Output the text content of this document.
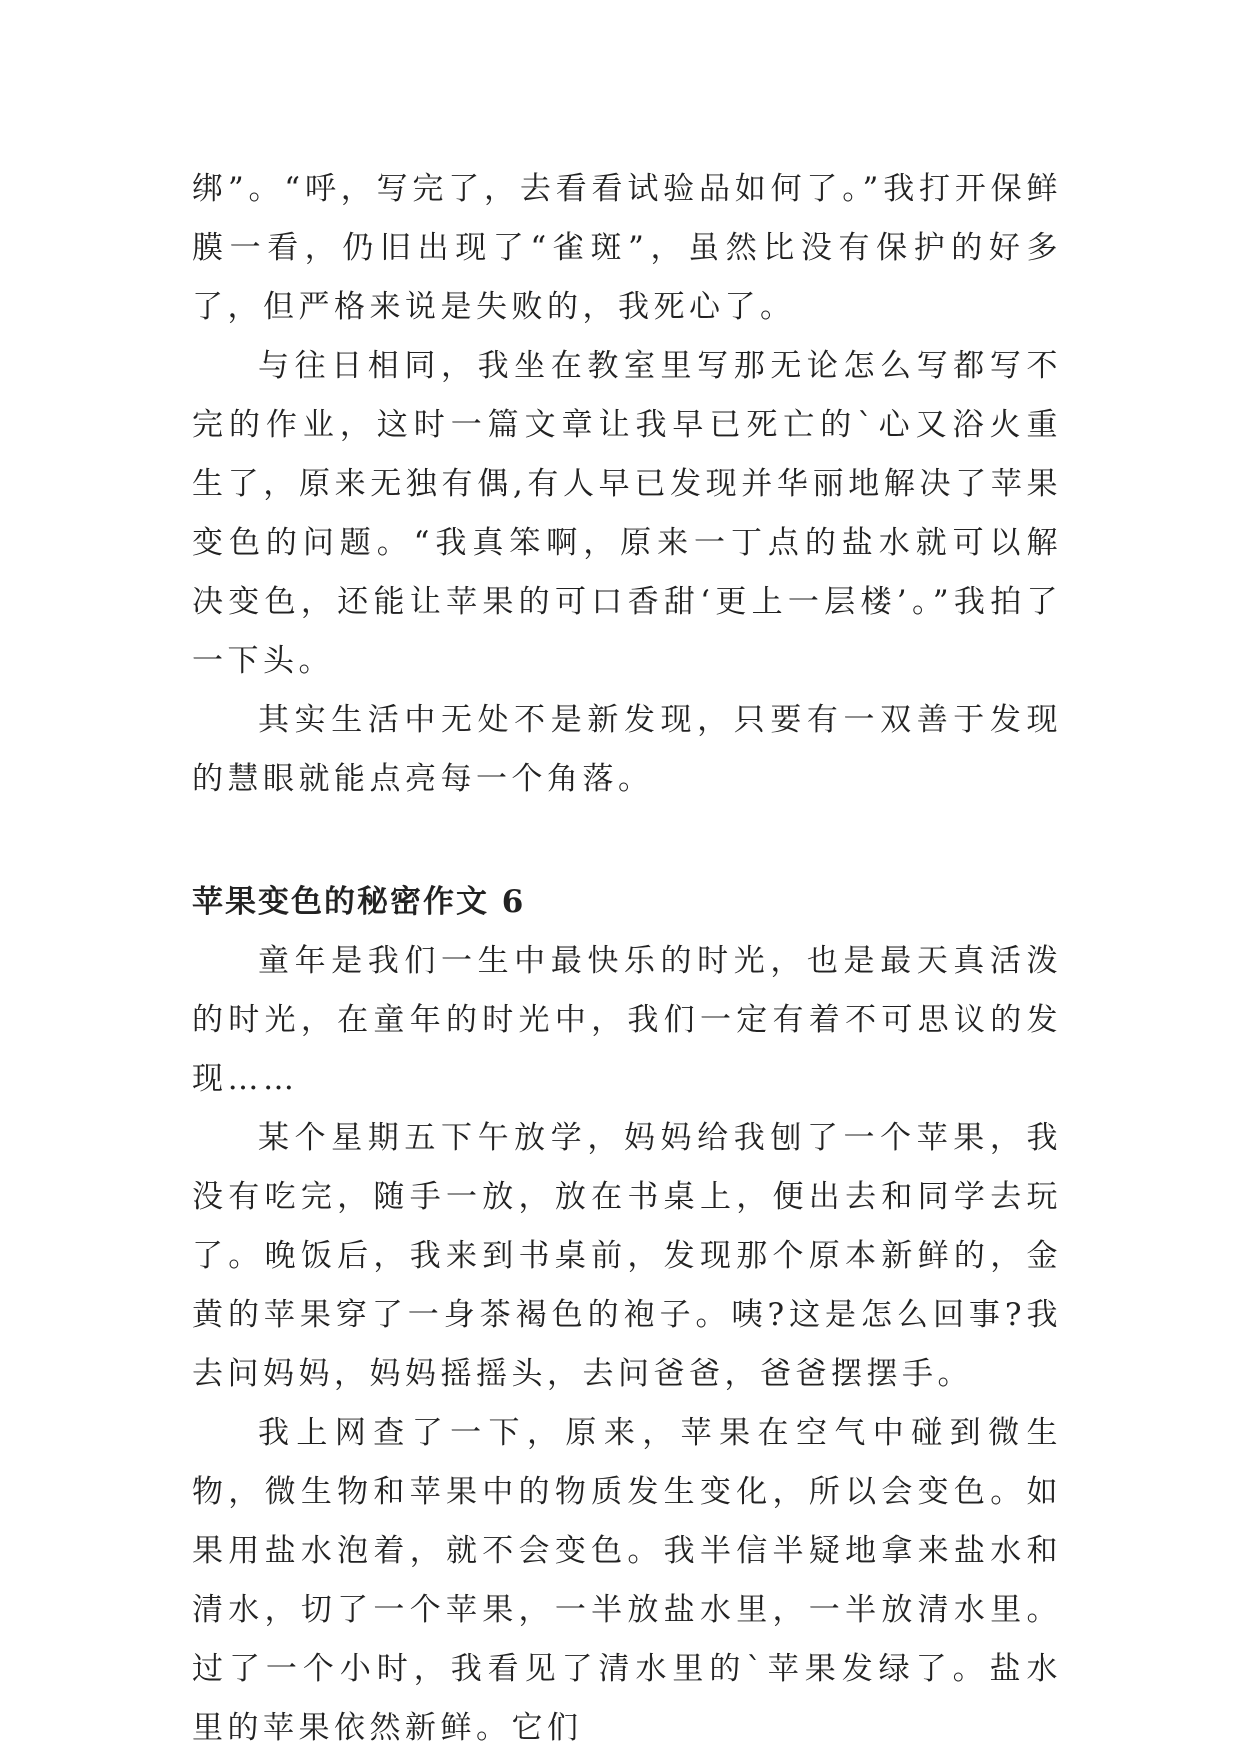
绑”。“呼，写完了，去看看试验品如何了。”我打开保鲜膜一看，仍旧出现了“雀斑”，虽然比没有保护的好多了，但严格来说是失败的，我死心了。

与往日相同，我坐在教室里写那无论怎么写都写不完的作业，这时一篇文章让我早已死亡的`心又浴火重生了，原来无独有偶,有人早已发现并华丽地解决了苹果变色的问题。“我真笨啊，原来一丁点的盐水就可以解决变色，还能让苹果的可口香甜‘更上一层楼’。”我拍了一下头。

其实生活中无处不是新发现，只要有一双善于发现的慧眼就能点亮每一个角落。

苹果变色的秘密作文 6

童年是我们一生中最快乐的时光，也是最天真活泼的时光，在童年的时光中，我们一定有着不可思议的发现……

某个星期五下午放学，妈妈给我刨了一个苹果，我没有吃完，随手一放，放在书桌上，便出去和同学去玩了。晚饭后，我来到书桌前，发现那个原本新鲜的，金黄的苹果穿了一身茶褐色的袍子。咦?这是怎么回事?我去问妈妈，妈妈摇摇头，去问爸爸，爸爸摆摆手。

我上网查了一下，原来，苹果在空气中碰到微生物，微生物和苹果中的物质发生变化，所以会变色。如果用盐水泡着，就不会变色。我半信半疑地拿来盐水和清水，切了一个苹果，一半放盐水里，一半放清水里。过了一个小时，我看见了清水里的`苹果发绿了。盐水里的苹果依然新鲜。它们
